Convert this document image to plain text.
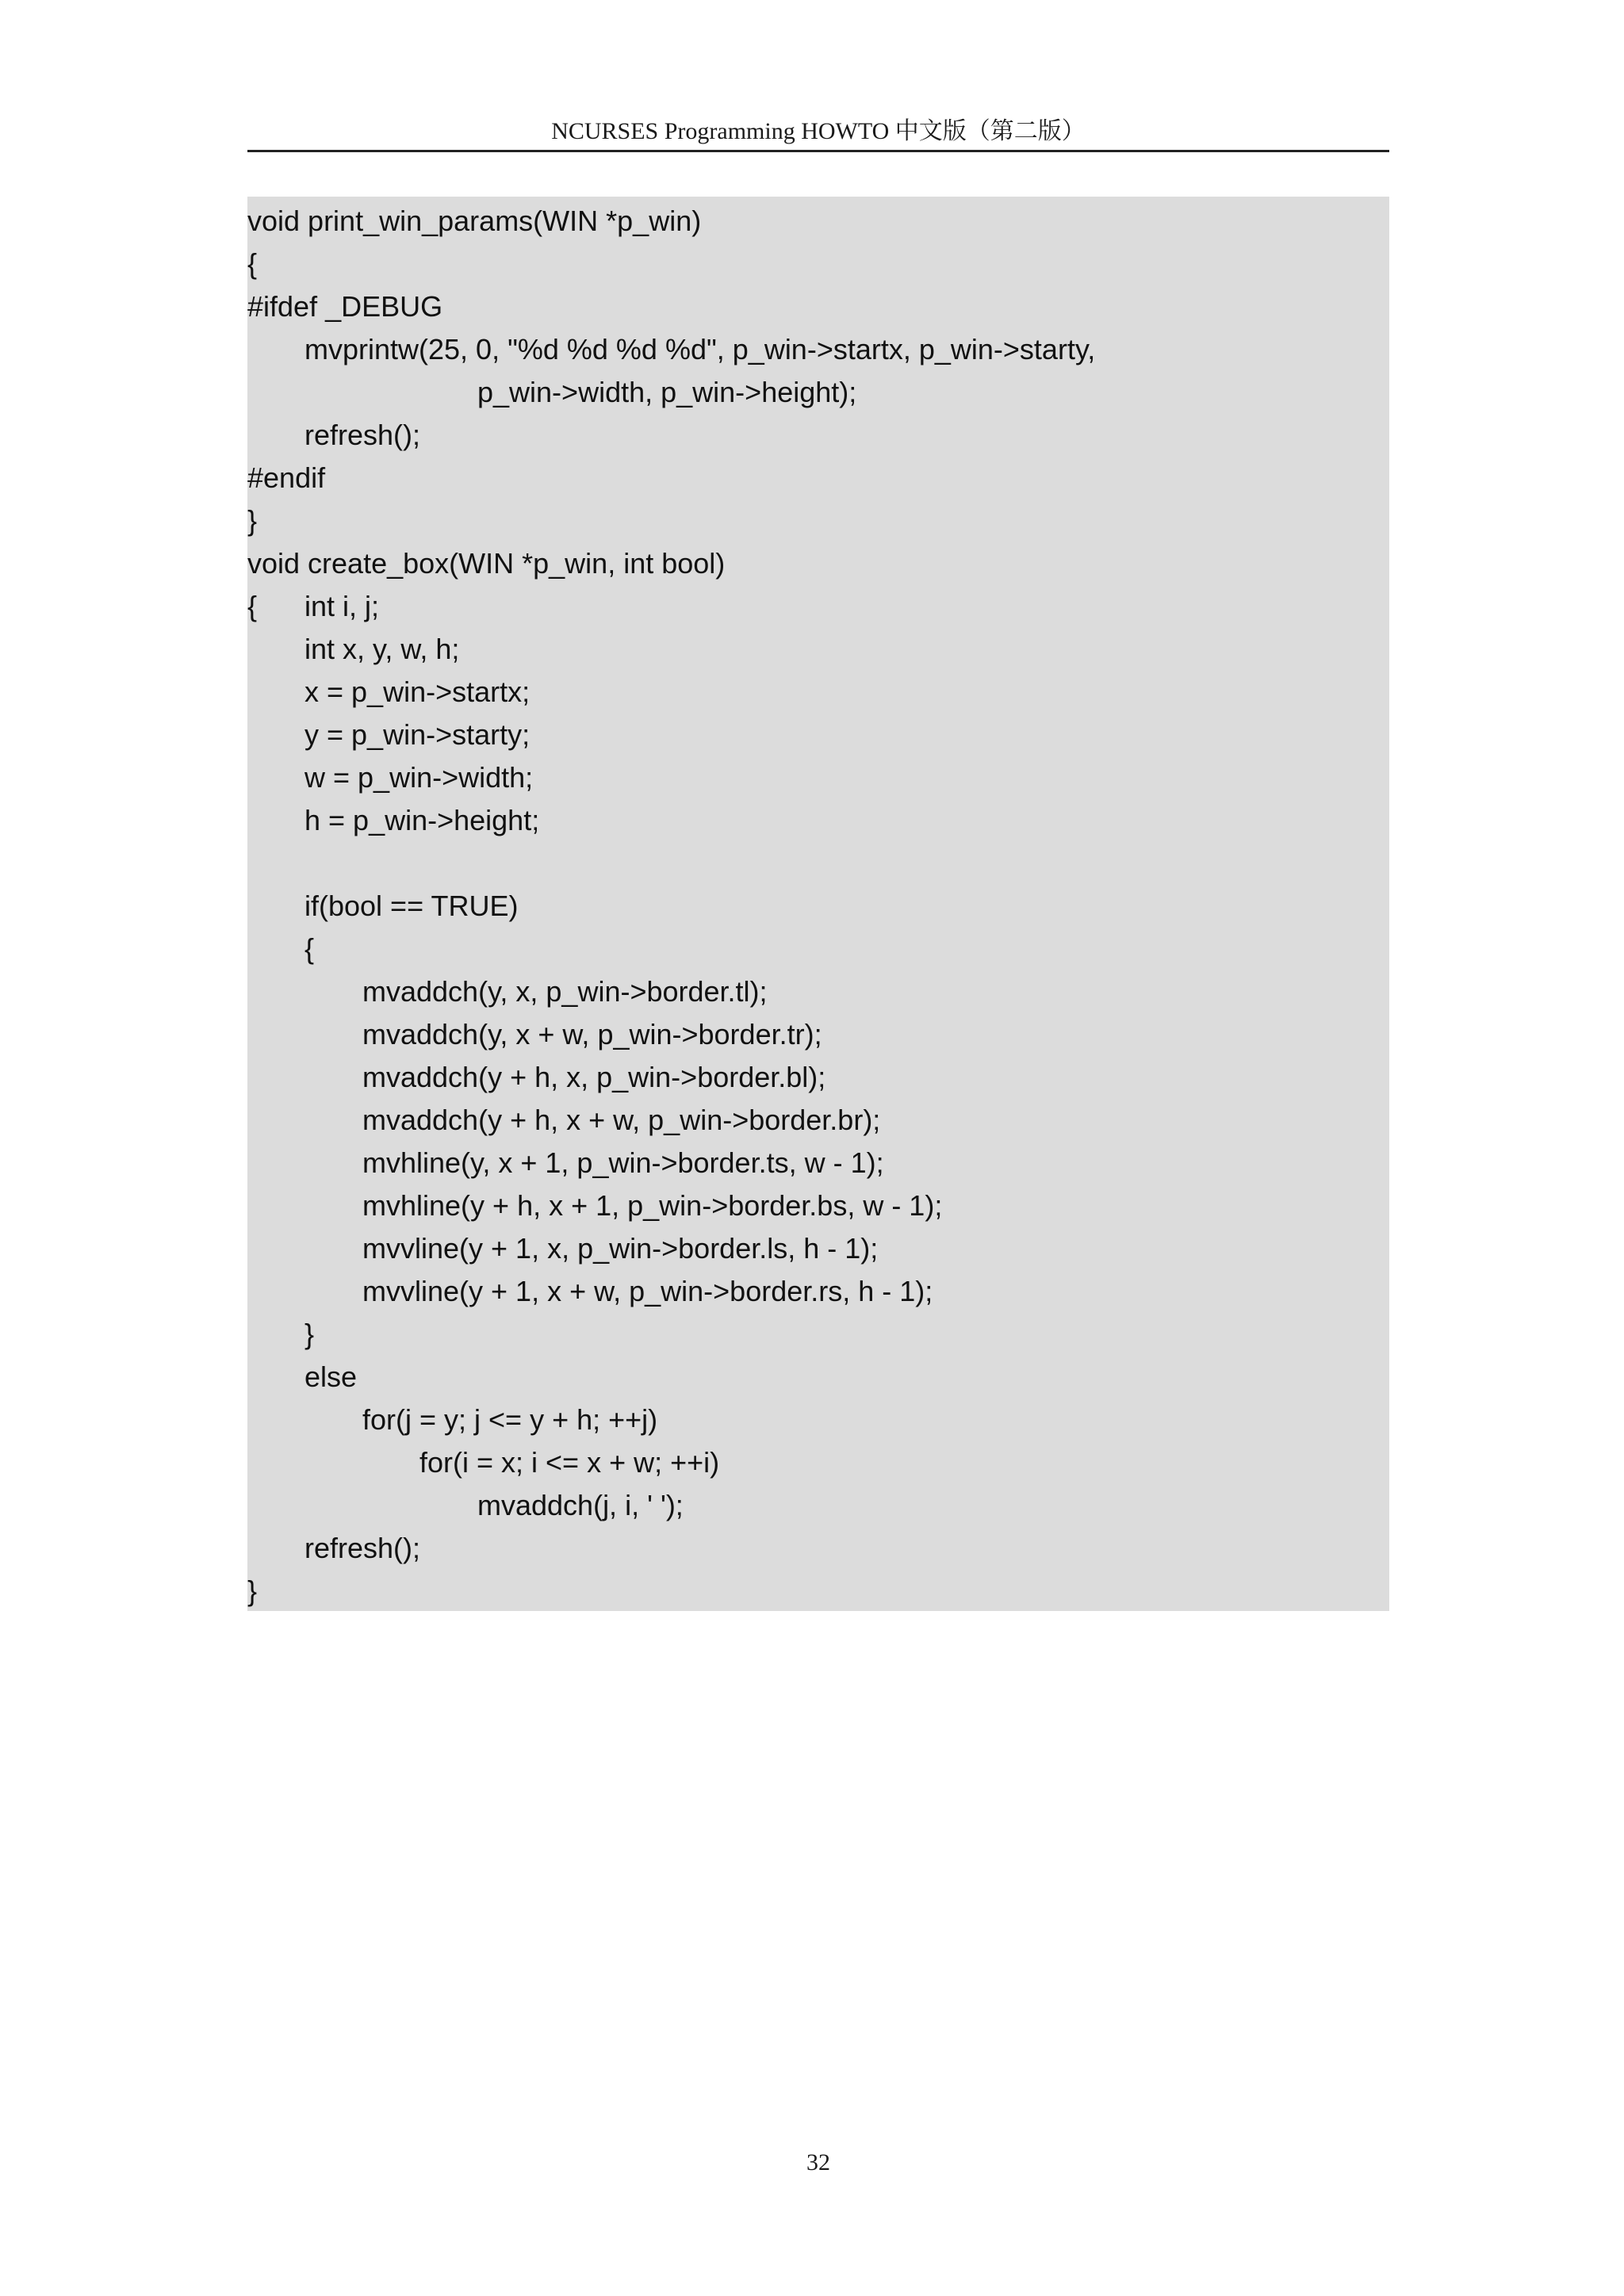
NCURSES Programming HOWTO 中文版（第二版）
void print_win_params(WIN *p_win)
{
#ifdef _DEBUG
mvprintw(25, 0, "%d %d %d %d", p_win->startx, p_win->starty,
p_win->width, p_win->height);
refresh();
#endif
}
void create_box(WIN *p_win, int bool)
{ int i, j;
int x, y, w, h;
x = p_win->startx;
y = p_win->starty;
w = p_win->width;
h = p_win->height;
if(bool == TRUE)
{
mvaddch(y, x, p_win->border.tl);
mvaddch(y, x + w, p_win->border.tr);
mvaddch(y + h, x, p_win->border.bl);
mvaddch(y + h, x + w, p_win->border.br);
mvhline(y, x + 1, p_win->border.ts, w - 1);
mvhline(y + h, x + 1, p_win->border.bs, w - 1);
mvvline(y + 1, x, p_win->border.ls, h - 1);
mvvline(y + 1, x + w, p_win->border.rs, h - 1);
}
else
for(j = y; j <= y + h; ++j)
for(i = x; i <= x + w; ++i)
mvaddch(j, i, ' ');
refresh();
}
32
